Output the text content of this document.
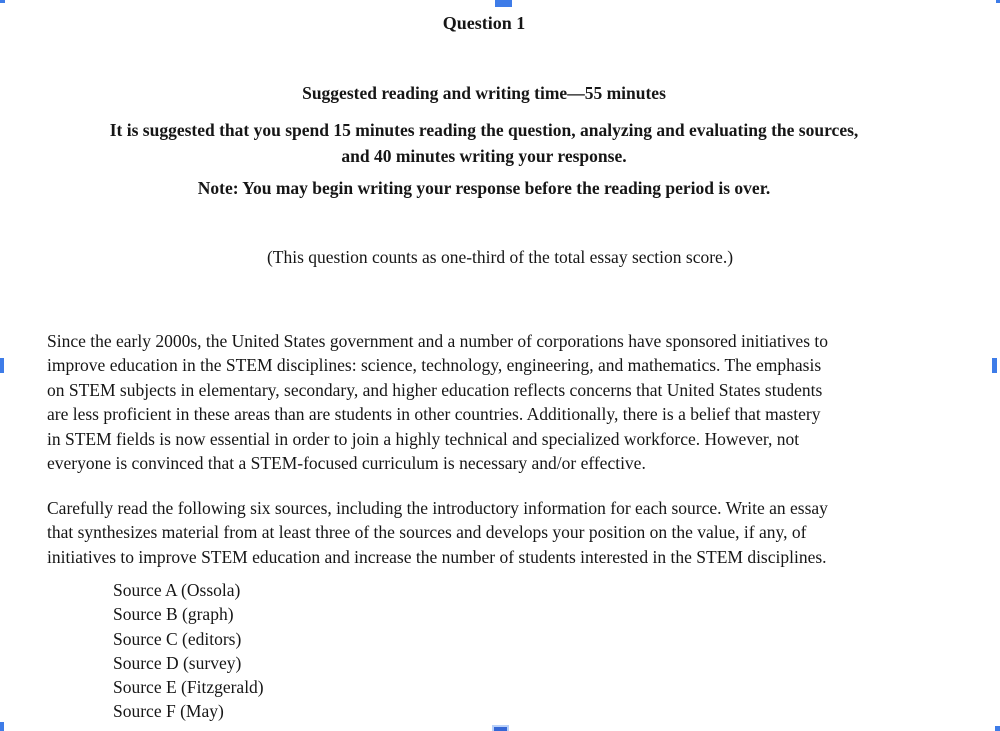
Question 1
Suggested reading and writing time—55 minutes
It is suggested that you spend 15 minutes reading the question, analyzing and evaluating the sources,
and 40 minutes writing your response.
Note: You may begin writing your response before the reading period is over.
(This question counts as one-third of the total essay section score.)
Since the early 2000s, the United States government and a number of corporations have sponsored initiatives to
improve education in the STEM disciplines: science, technology, engineering, and mathematics. The emphasis
on STEM subjects in elementary, secondary, and higher education reflects concerns that United States students
are less proficient in these areas than are students in other countries. Additionally, there is a belief that mastery
in STEM fields is now essential in order to join a highly technical and specialized workforce. However, not
everyone is convinced that a STEM-focused curriculum is necessary and/or effective.
Carefully read the following six sources, including the introductory information for each source. Write an essay
that synthesizes material from at least three of the sources and develops your position on the value, if any, of
initiatives to improve STEM education and increase the number of students interested in the STEM disciplines.
Source A (Ossola)
Source B (graph)
Source C (editors)
Source D (survey)
Source E (Fitzgerald)
Source F (May)
